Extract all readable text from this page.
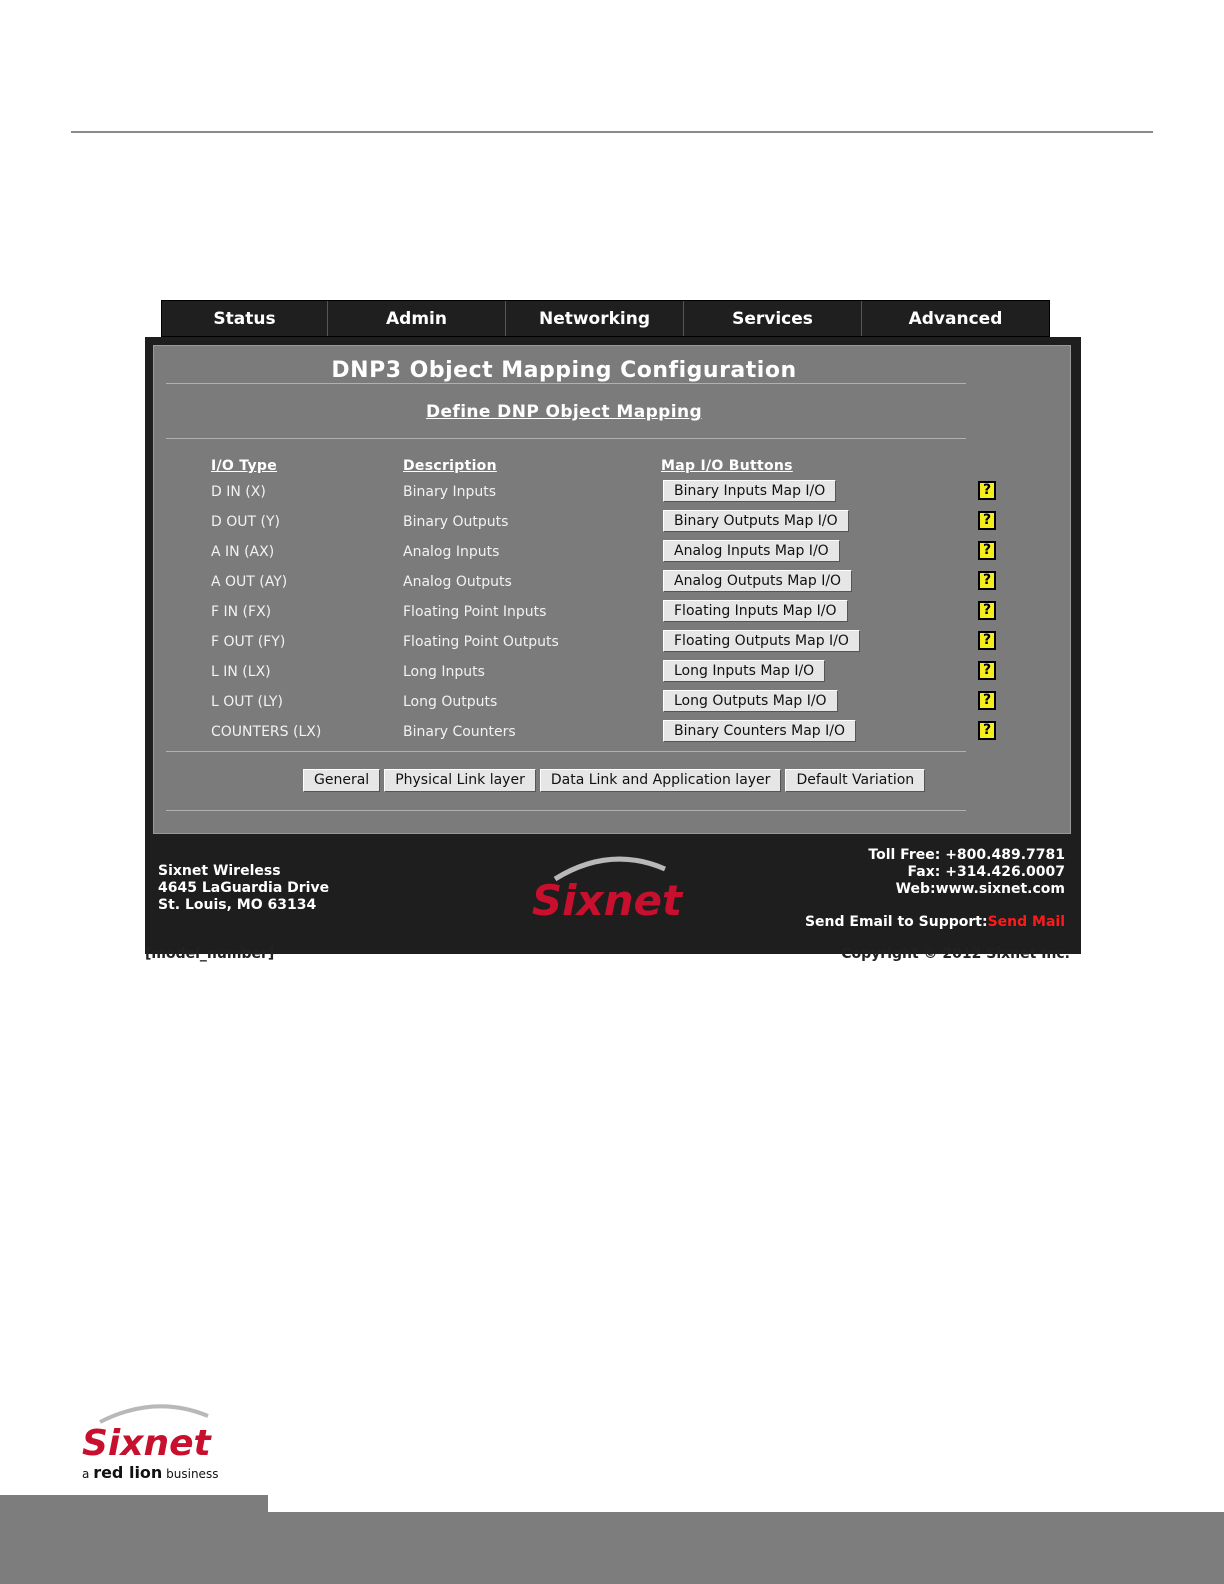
Status	Admin	Networking	Services	Advanced
DNP3 Object Mapping Configuration
Define DNP Object Mapping
I/O Type	Description	Map I/O Buttons
D IN (X)	Binary Inputs	Binary Inputs Map I/O	?
D OUT (Y)	Binary Outputs	Binary Outputs Map I/O	?
A IN (AX)	Analog Inputs	Analog Inputs Map I/O	?
A OUT (AY)	Analog Outputs	Analog Outputs Map I/O	?
F IN (FX)	Floating Point Inputs	Floating Inputs Map I/O	?
F OUT (FY)	Floating Point Outputs	Floating Outputs Map I/O	?
L IN (LX)	Long Inputs	Long Inputs Map I/O	?
L OUT (LY)	Long Outputs	Long Outputs Map I/O	?
COUNTERS (LX)	Binary Counters	Binary Counters Map I/O	?
General	Physical Link layer	Data Link and Application layer	Default Variation
Sixnet Wireless
4645 LaGuardia Drive
St. Louis, MO 63134	Sixnet
Toll Free: +800.489.7781
Fax: +314.426.0007
Web:www.sixnet.com
Send Email to Support:Send Mail
[model_number]	Copyright © 2012 Sixnet Inc.
Sixnet
a red lion business
